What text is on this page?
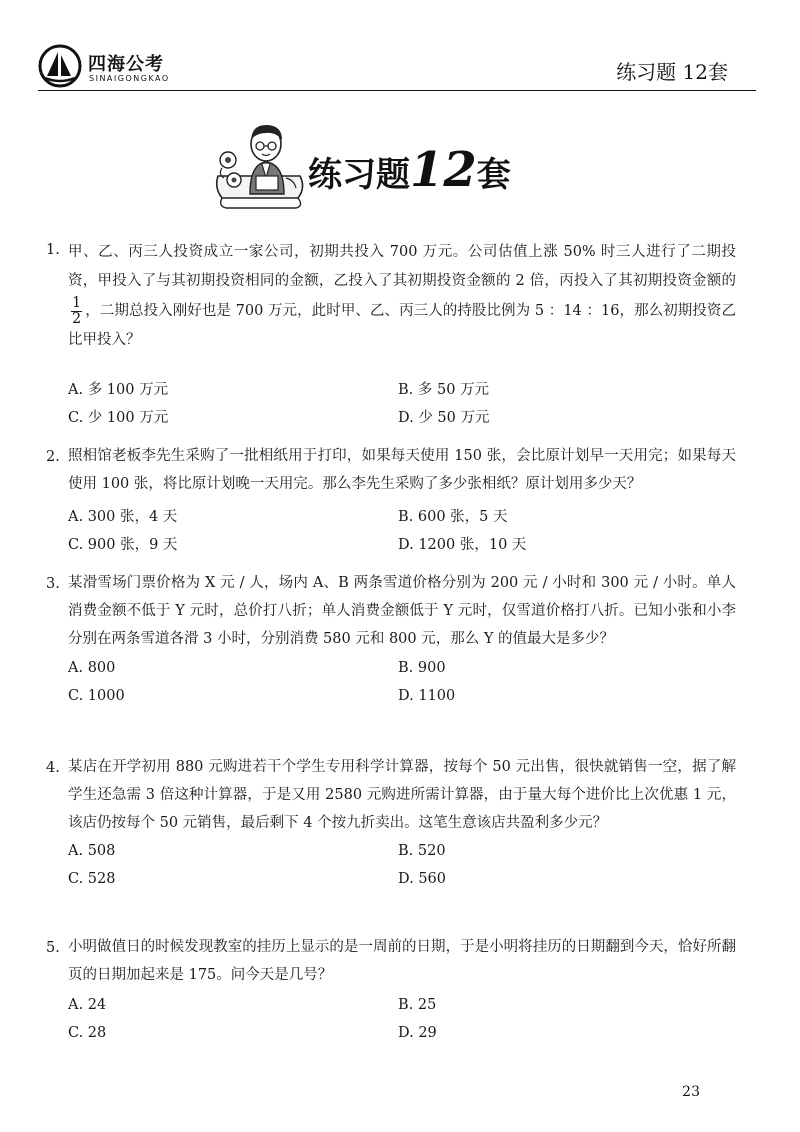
四海公考
SINAIGONGKAO	练习题 12套
练习题12套
1. 甲、乙、丙三人投资成立一家公司，初期共投入 700 万元。公司估值上涨 50% 时三人进行了二期投资，甲投入了与其初期投资相同的金额，乙投入了其初期投资金额的 2 倍，丙投入了其初期投资金额的
$\frac{1}{2}$ ，二期总投入刚好也是 700 万元，此时甲、乙、丙三人的持股比例为 5 ：14 ：16，那么初期投资乙比甲投入？
A. 多 100 万元	B. 多 50 万元
C. 少 100 万元	D. 少 50 万元
2. 照相馆老板李先生采购了一批相纸用于打印，如果每天使用 150 张，会比原计划早一天用完；如果每天使用 100 张，将比原计划晚一天用完。那么李先生采购了多少张相纸？原计划用多少天？
A. 300 张，4 天	B. 600 张，5 天
C. 900 张，9 天	D. 1200 张，10 天
3. 某滑雪场门票价格为 X 元 / 人，场内 A、B 两条雪道价格分别为 200 元 / 小时和 300 元 / 小时。单人消费金额不低于 Y 元时，总价打八折；单人消费金额低于 Y 元时，仅雪道价格打八折。已知小张和小李分别在两条雪道各滑 3 小时，分别消费 580 元和 800 元，那么 Y 的值最大是多少？
A. 800	B. 900
C. 1000	D. 1100
4. 某店在开学初用 880 元购进若干个学生专用科学计算器，按每个 50 元出售，很快就销售一空，据了解学生还急需 3 倍这种计算器，于是又用 2580 元购进所需计算器，由于量大每个进价比上次优惠 1 元，该店仍按每个 50 元销售，最后剩下 4 个按九折卖出。这笔生意该店共盈利多少元？
A. 508	B. 520
C. 528	D. 560
5. 小明做值日的时候发现教室的挂历上显示的是一周前的日期，于是小明将挂历的日期翻到今天，恰好所翻页的日期加起来是 175。问今天是几号？
A. 24	B. 25
C. 28	D. 29
23
